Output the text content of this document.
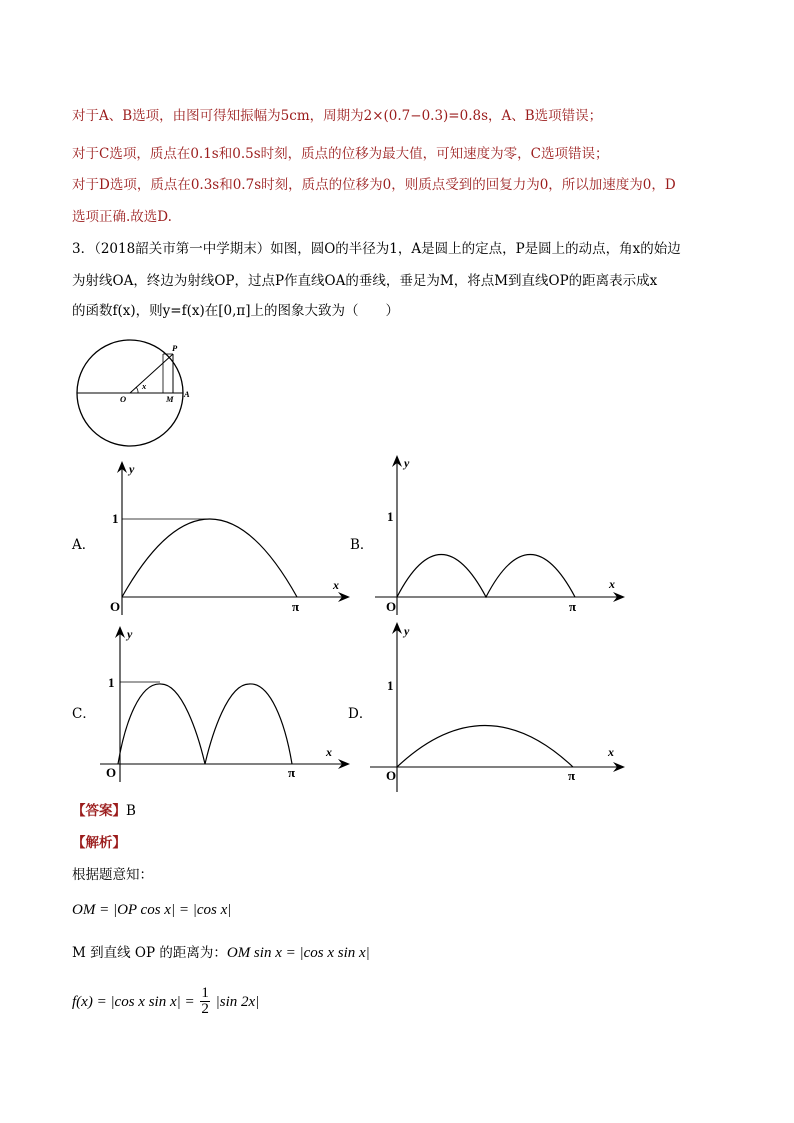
对于A、B选项，由图可得知振幅为5cm，周期为2×(0.7−0.3)=0.8s，A、B选项错误；
对于C选项，质点在0.1s和0.5s时刻，质点的位移为最大值，可知速度为零，C选项错误；
对于D选项，质点在0.3s和0.7s时刻，质点的位移为0，则质点受到的回复力为0，所以加速度为0，D
选项正确.故选D.
3．（2018韶关市第一中学期末）如图，圆O的半径为1，A是圆上的定点，P是圆上的动点，角x的始边
为射线OA，终边为射线OP，过点P作直线OA的垂线，垂足为M，将点M到直线OP的距离表示成x
的函数f(x)，则y=f(x)在[0,π]上的图象大致为（　　）
P
x
O	M A
A．	B．
C．	D．
1
O	π
x
y
1
O	π
x
y
1
O	π
x
y
1
O	π
x
y
【答案】B
【解析】
根据题意知：
OM = |OP cos x| = |cos x|
M 到直线 OP 的距离为：OM sin x = |cos x sin x|
f(x) = |cos x $\sin x| = \frac{1}{2} |\sin$ 2x|
